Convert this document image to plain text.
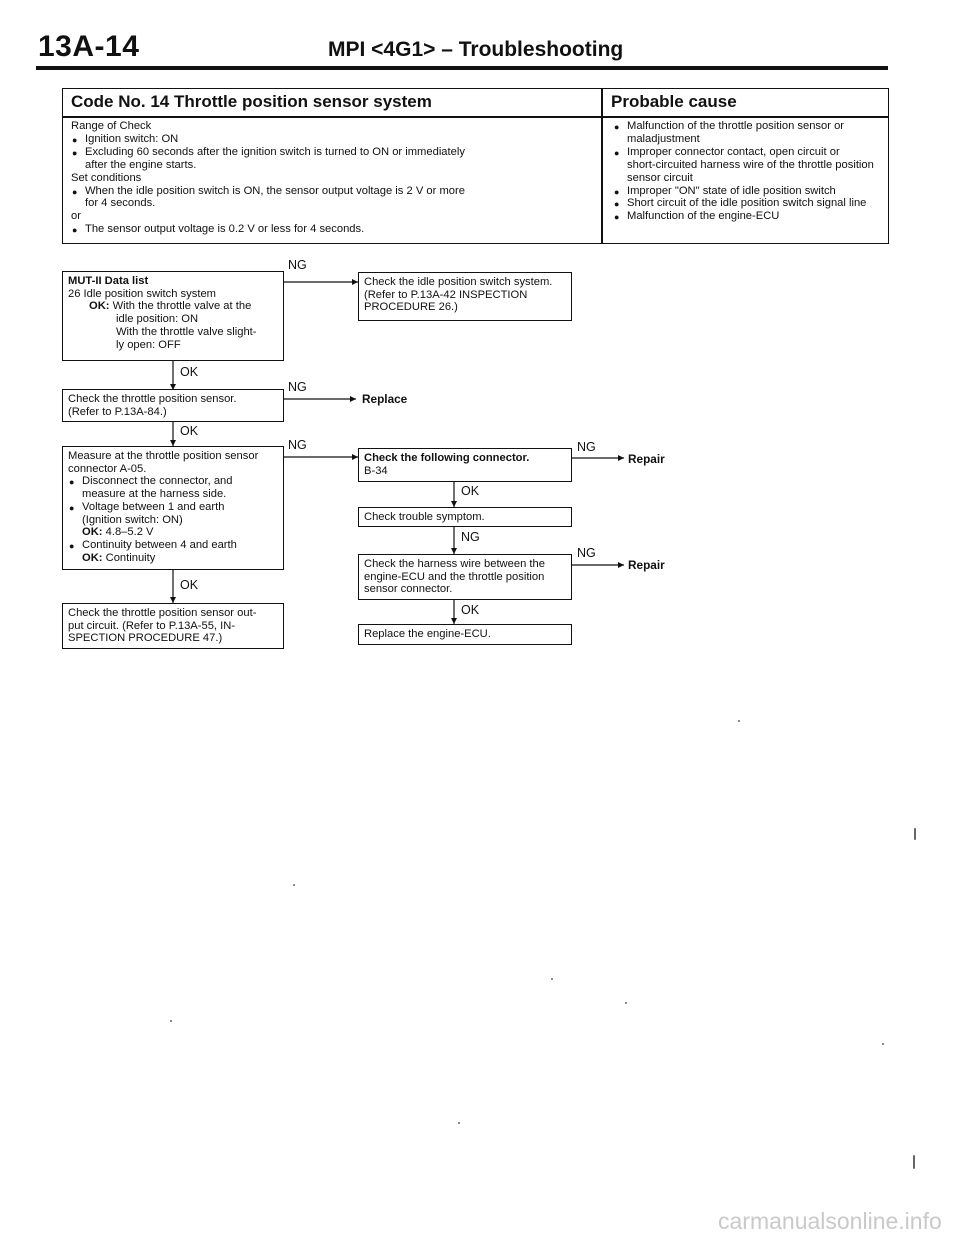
13A-14	MPI <4G1> – Troubleshooting
Code No. 14 Throttle position sensor system	Probable cause
Range of Check
● Ignition switch: ON
● Excluding 60 seconds after the ignition switch is turned to ON or immediately
after the engine starts.
Set conditions
● When the idle position switch is ON, the sensor output voltage is 2 V or more
for 4 seconds.
or
● The sensor output voltage is 0.2 V or less for 4 seconds.
● Malfunction of the throttle position sensor or
maladjustment
● Improper connector contact, open circuit or
short-circuited harness wire of the throttle position
sensor circuit
● Improper "ON" state of idle position switch
● Short circuit of the idle position switch signal line
● Malfunction of the engine-ECU
MUT-II Data list
26 Idle position switch system
OK: With the throttle valve at the
idle position: ON
With the throttle valve slight-
ly open: OFF
NG
Check the idle position switch system.
(Refer to P.13A-42 INSPECTION
PROCEDURE 26.)
OK
Check the throttle position sensor.
(Refer to P.13A-84.)
NG
Replace
OK
Measure at the throttle position sensor
connector A-05.
● Disconnect the connector, and
measure at the harness side.
● Voltage between 1 and earth
(Ignition switch: ON)
OK: 4.8–5.2 V
● Continuity between 4 and earth
OK: Continuity
NG
OK
Check the throttle position sensor out-
put circuit. (Refer to P.13A-55, IN-
SPECTION PROCEDURE 47.)
Check the following connector.
B-34
NG
Repair
OK
Check trouble symptom.
NG
Check the harness wire between the
engine-ECU and the throttle position
sensor connector.
NG
Repair
OK
Replace the engine-ECU.
carmanualsonline.info
